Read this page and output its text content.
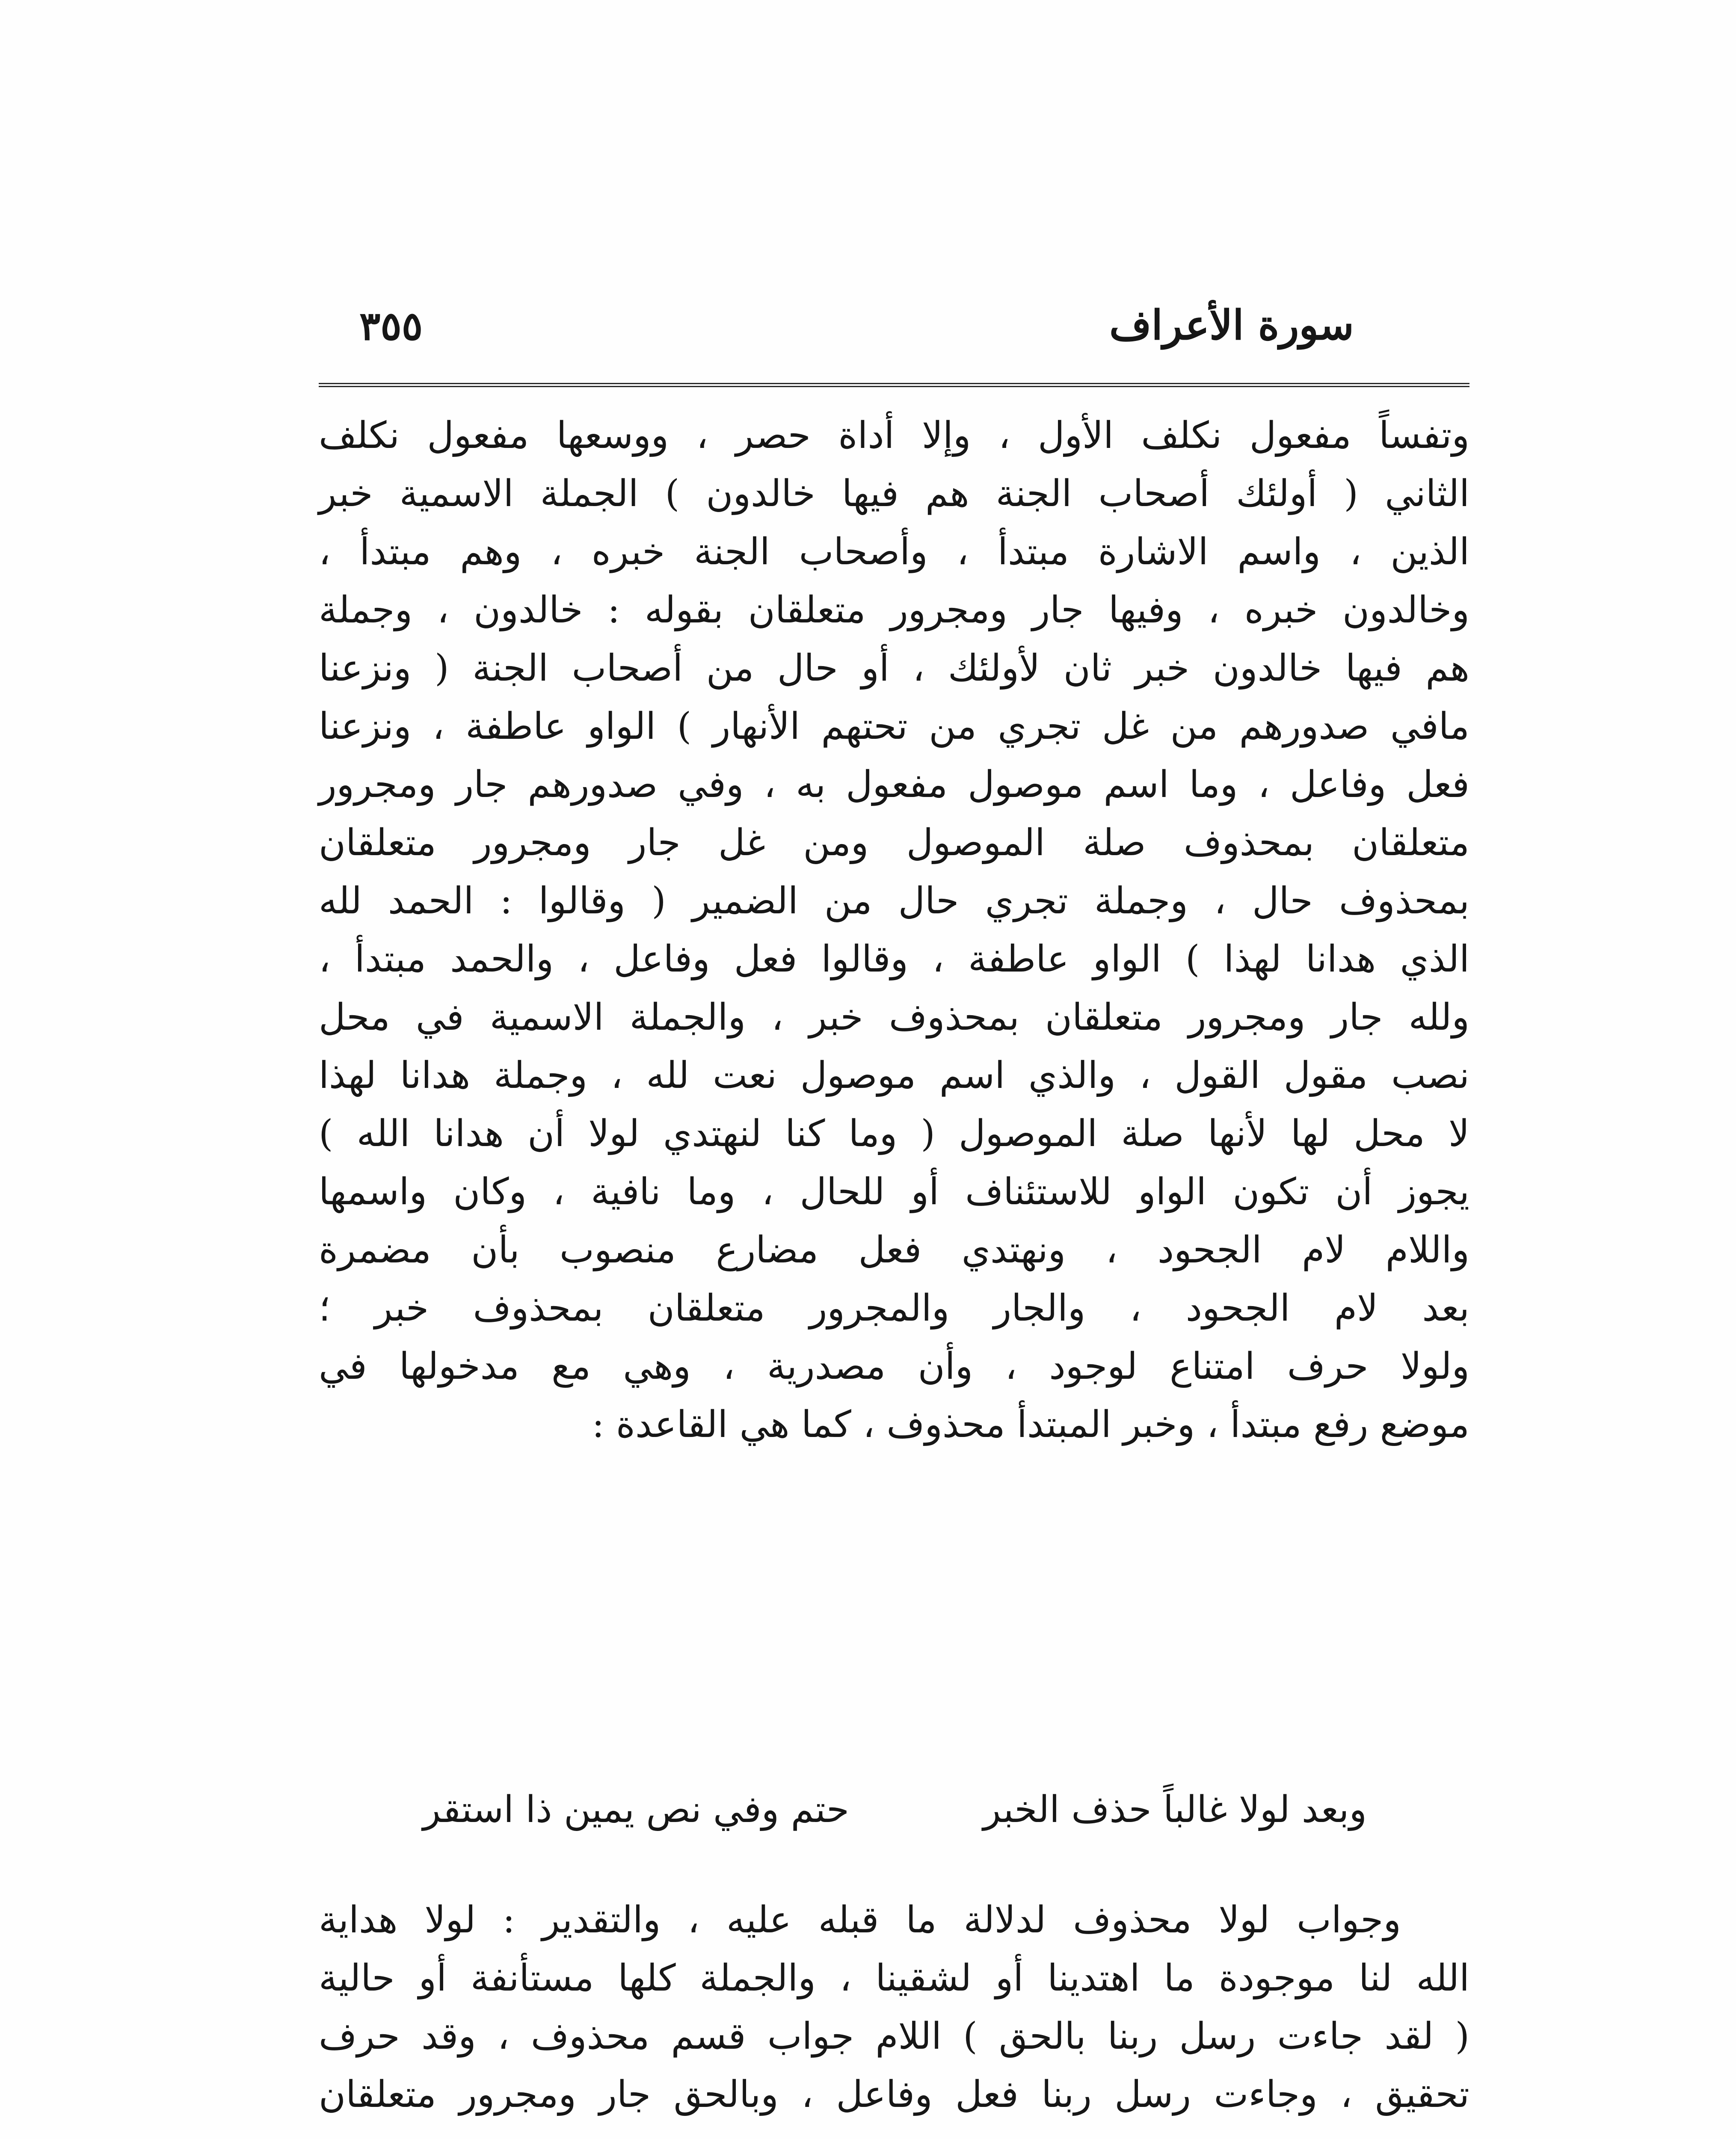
٣٥٥	سورة الأعراف
وتفساً مفعول نكلف الأول ، وإلا أداة حصر ، ووسعها مفعول نكلف
الثاني ( أولئك أصحاب الجنة هم فيها خالدون ) الجملة الاسمية خبر
الذين ، واسم الاشارة مبتدأ ، وأصحاب الجنة خبره ، وهم مبتدأ ،
وخالدون خبره ، وفيها جار ومجرور متعلقان بقوله : خالدون ، وجملة
هم فيها خالدون خبر ثان لأولئك ، أو حال من أصحاب الجنة ( ونزعنا
مافي صدورهم من غل تجري من تحتهم الأنهار ) الواو عاطفة ، ونزعنا
فعل وفاعل ، وما اسم موصول مفعول به ، وفي صدورهم جار ومجرور
متعلقان بمحذوف صلة الموصول ومن غل جار ومجرور متعلقان
بمحذوف حال ، وجملة تجري حال من الضمير ( وقالوا : الحمد لله
الذي هدانا لهذا ) الواو عاطفة ، وقالوا فعل وفاعل ، والحمد مبتدأ ،
ولله جار ومجرور متعلقان بمحذوف خبر ، والجملة الاسمية في محل
نصب مقول القول ، والذي اسم موصول نعت لله ، وجملة هدانا لهذا
لا محل لها لأنها صلة الموصول ( وما كنا لنهتدي لولا أن هدانا الله )
يجوز أن تكون الواو للاستئناف أو للحال ، وما نافية ، وكان واسمها
واللام لام الجحود ، ونهتدي فعل مضارع منصوب بأن مضمرة
بعد لام الجحود ، والجار والمجرور متعلقان بمحذوف خبر ؛
ولولا حرف امتناع لوجود ، وأن مصدرية ، وهي مع مدخولها في
موضع رفع مبتدأ ، وخبر المبتدأ محذوف ، كما هي القاعدة :
وبعد لولا غالباً حذف الخبر
حتم وفي نص يمين ذا استقر
وجواب لولا محذوف لدلالة ما قبله عليه ، والتقدير : لولا هداية
الله لنا موجودة ما اهتدينا أو لشقينا ، والجملة كلها مستأنفة أو حالية
( لقد جاءت رسل ربنا بالحق ) اللام جواب قسم محذوف ، وقد حرف
تحقيق ، وجاءت رسل ربنا فعل وفاعل ، وبالحق جار ومجرور متعلقان
